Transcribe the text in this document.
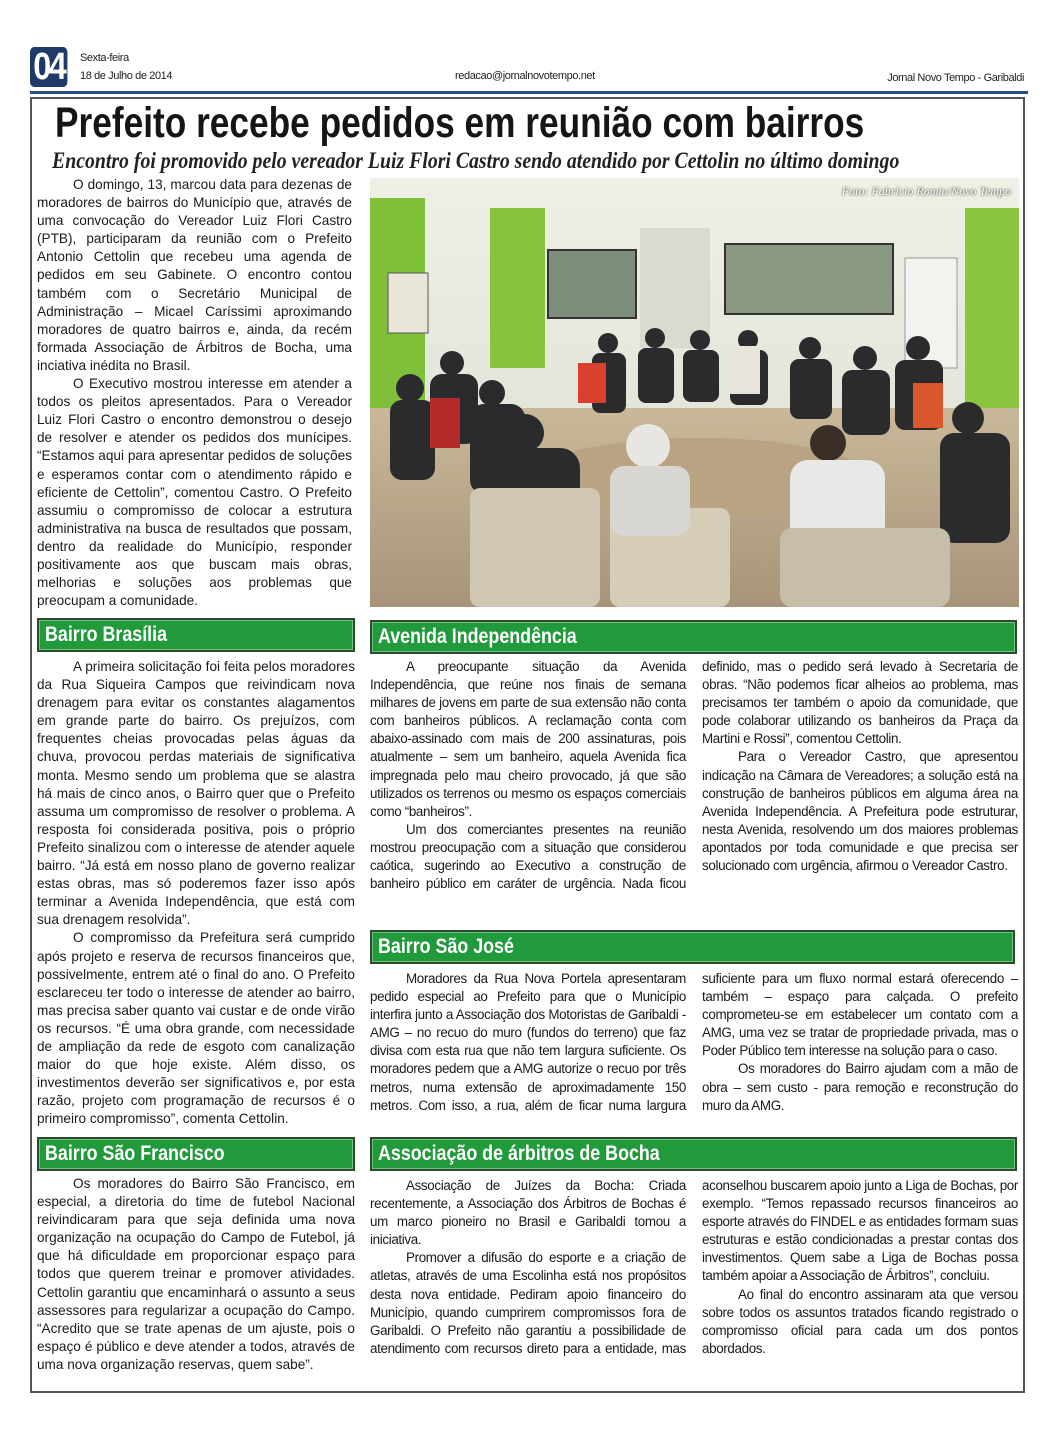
04 Sexta-feira
18 de Julho de 2014	redacao@jornalnovotempo.net	Jornal Novo Tempo - Garibaldi
Prefeito recebe pedidos em reunião com bairros
Encontro foi promovido pelo vereador Luiz Flori Castro sendo atendido por Cettolin no último domingo

O domingo, 13, marcou data para dezenas de moradores de bairros do Município que, através de uma convocação do Vereador Luiz Flori Castro (PTB), participaram da reunião com o Prefeito Antonio Cettolin que recebeu uma agenda de pedidos em seu Gabinete. O encontro contou também com o Secretário Municipal de Administração – Micael Caríssimi aproximando moradores de quatro bairros e, ainda, da recém formada Associação de Árbitros de Bocha, uma inciativa inédita no Brasil.

O Executivo mostrou interesse em atender a todos os pleitos apresentados. Para o Vereador Luiz Flori Castro o encontro demonstrou o desejo de resolver e atender os pedidos dos munícipes. “Estamos aqui para apresentar pedidos de soluções e esperamos contar com o atendimento rápido e eficiente de Cettolin”, comentou Castro. O Prefeito assumiu o compromisso de colocar a estrutura administrativa na busca de resultados que possam, dentro da realidade do Município, responder positivamente aos que buscam mais obras, melhorias e soluções aos problemas que preocupam a comunidade.

Foto: Fabrício Romio/Novo Tempo
Bairro Brasília

A primeira solicitação foi feita pelos moradores da Rua Siqueira Campos que reivindicam nova drenagem para evitar os constantes alagamentos em grande parte do bairro. Os prejuízos, com frequentes cheias provocadas pelas águas da chuva, provocou perdas materiais de significativa monta. Mesmo sendo um problema que se alastra há mais de cinco anos, o Bairro quer que o Prefeito assuma um compromisso de resolver o problema. A resposta foi considerada positiva, pois o próprio Prefeito sinalizou com o interesse de atender aquele bairro. “Já está em nosso plano de governo realizar estas obras, mas só poderemos fazer isso após terminar a Avenida Independência, que está com sua drenagem resolvida”.

O compromisso da Prefeitura será cumprido após projeto e reserva de recursos financeiros que, possivelmente, entrem até o final do ano. O Prefeito esclareceu ter todo o interesse de atender ao bairro, mas precisa saber quanto vai custar e de onde virão os recursos. “É uma obra grande, com necessidade de ampliação da rede de esgoto com canalização maior do que hoje existe. Além disso, os investimentos deverão ser significativos e, por esta razão, projeto com programação de recursos é o primeiro compromisso”, comenta Cettolin.

Avenida Independência

A preocupante situação da Avenida Independência, que reúne nos finais de semana milhares de jovens em parte de sua extensão não conta com banheiros públicos. A reclamação conta com abaixo-assinado com mais de 200 assinaturas, pois atualmente – sem um banheiro, aquela Avenida fica impregnada pelo mau cheiro provocado, já que são utilizados os terrenos ou mesmo os espaços comerciais como “banheiros”.

Um dos comerciantes presentes na reunião mostrou preocupação com a situação que considerou caótica, sugerindo ao Executivo a construção de banheiro público em caráter de urgência. Nada ficou definido, mas o pedido será levado à Secretaria de obras. “Não podemos ficar alheios ao problema, mas precisamos ter também o apoio da comunidade, que pode colaborar utilizando os banheiros da Praça da Martini e Rossi”, comentou Cettolin.

Para o Vereador Castro, que apresentou indicação na Câmara de Vereadores; a solução está na construção de banheiros públicos em alguma área na Avenida Independência. A Prefeitura pode estruturar, nesta Avenida, resolvendo um dos maiores problemas apontados por toda comunidade e que precisa ser solucionado com urgência, afirmou o Vereador Castro.

Bairro São José

Moradores da Rua Nova Portela apresentaram pedido especial ao Prefeito para que o Município interfira junto a Associação dos Motoristas de Garibaldi - AMG – no recuo do muro (fundos do terreno) que faz divisa com esta rua que não tem largura suficiente. Os moradores pedem que a AMG autorize o recuo por três metros, numa extensão de aproximadamente 150 metros. Com isso, a rua, além de ficar numa largura suficiente para um fluxo normal estará oferecendo – também – espaço para calçada. O prefeito comprometeu-se em estabelecer um contato com a AMG, uma vez se tratar de propriedade privada, mas o Poder Público tem interesse na solução para o caso.

Os moradores do Bairro ajudam com a mão de obra – sem custo - para remoção e reconstrução do muro da AMG.

Bairro São Francisco

Os moradores do Bairro São Francisco, em especial, a diretoria do time de futebol Nacional reivindicaram para que seja definida uma nova organização na ocupação do Campo de Futebol, já que há dificuldade em proporcionar espaço para todos que querem treinar e promover atividades. Cettolin garantiu que encaminhará o assunto a seus assessores para regularizar a ocupação do Campo. “Acredito que se trate apenas de um ajuste, pois o espaço é público e deve atender a todos, através de uma nova organização reservas, quem sabe”.

Associação de árbitros de Bocha

Associação de Juízes da Bocha: Criada recentemente, a Associação dos Árbitros de Bochas é um marco pioneiro no Brasil e Garibaldi tomou a iniciativa.

Promover a difusão do esporte e a criação de atletas, através de uma Escolinha está nos propósitos desta nova entidade. Pediram apoio financeiro do Município, quando cumprirem compromissos fora de Garibaldi. O Prefeito não garantiu a possibilidade de atendimento com recursos direto para a entidade, mas aconselhou buscarem apoio junto a Liga de Bochas, por exemplo. “Temos repassado recursos financeiros ao esporte através do FINDEL e as entidades formam suas estruturas e estão condicionadas a prestar contas dos investimentos. Quem sabe a Liga de Bochas possa também apoiar a Associação de Árbitros”, concluiu.

Ao final do encontro assinaram ata que versou sobre todos os assuntos tratados ficando registrado o compromisso oficial para cada um dos pontos abordados.
